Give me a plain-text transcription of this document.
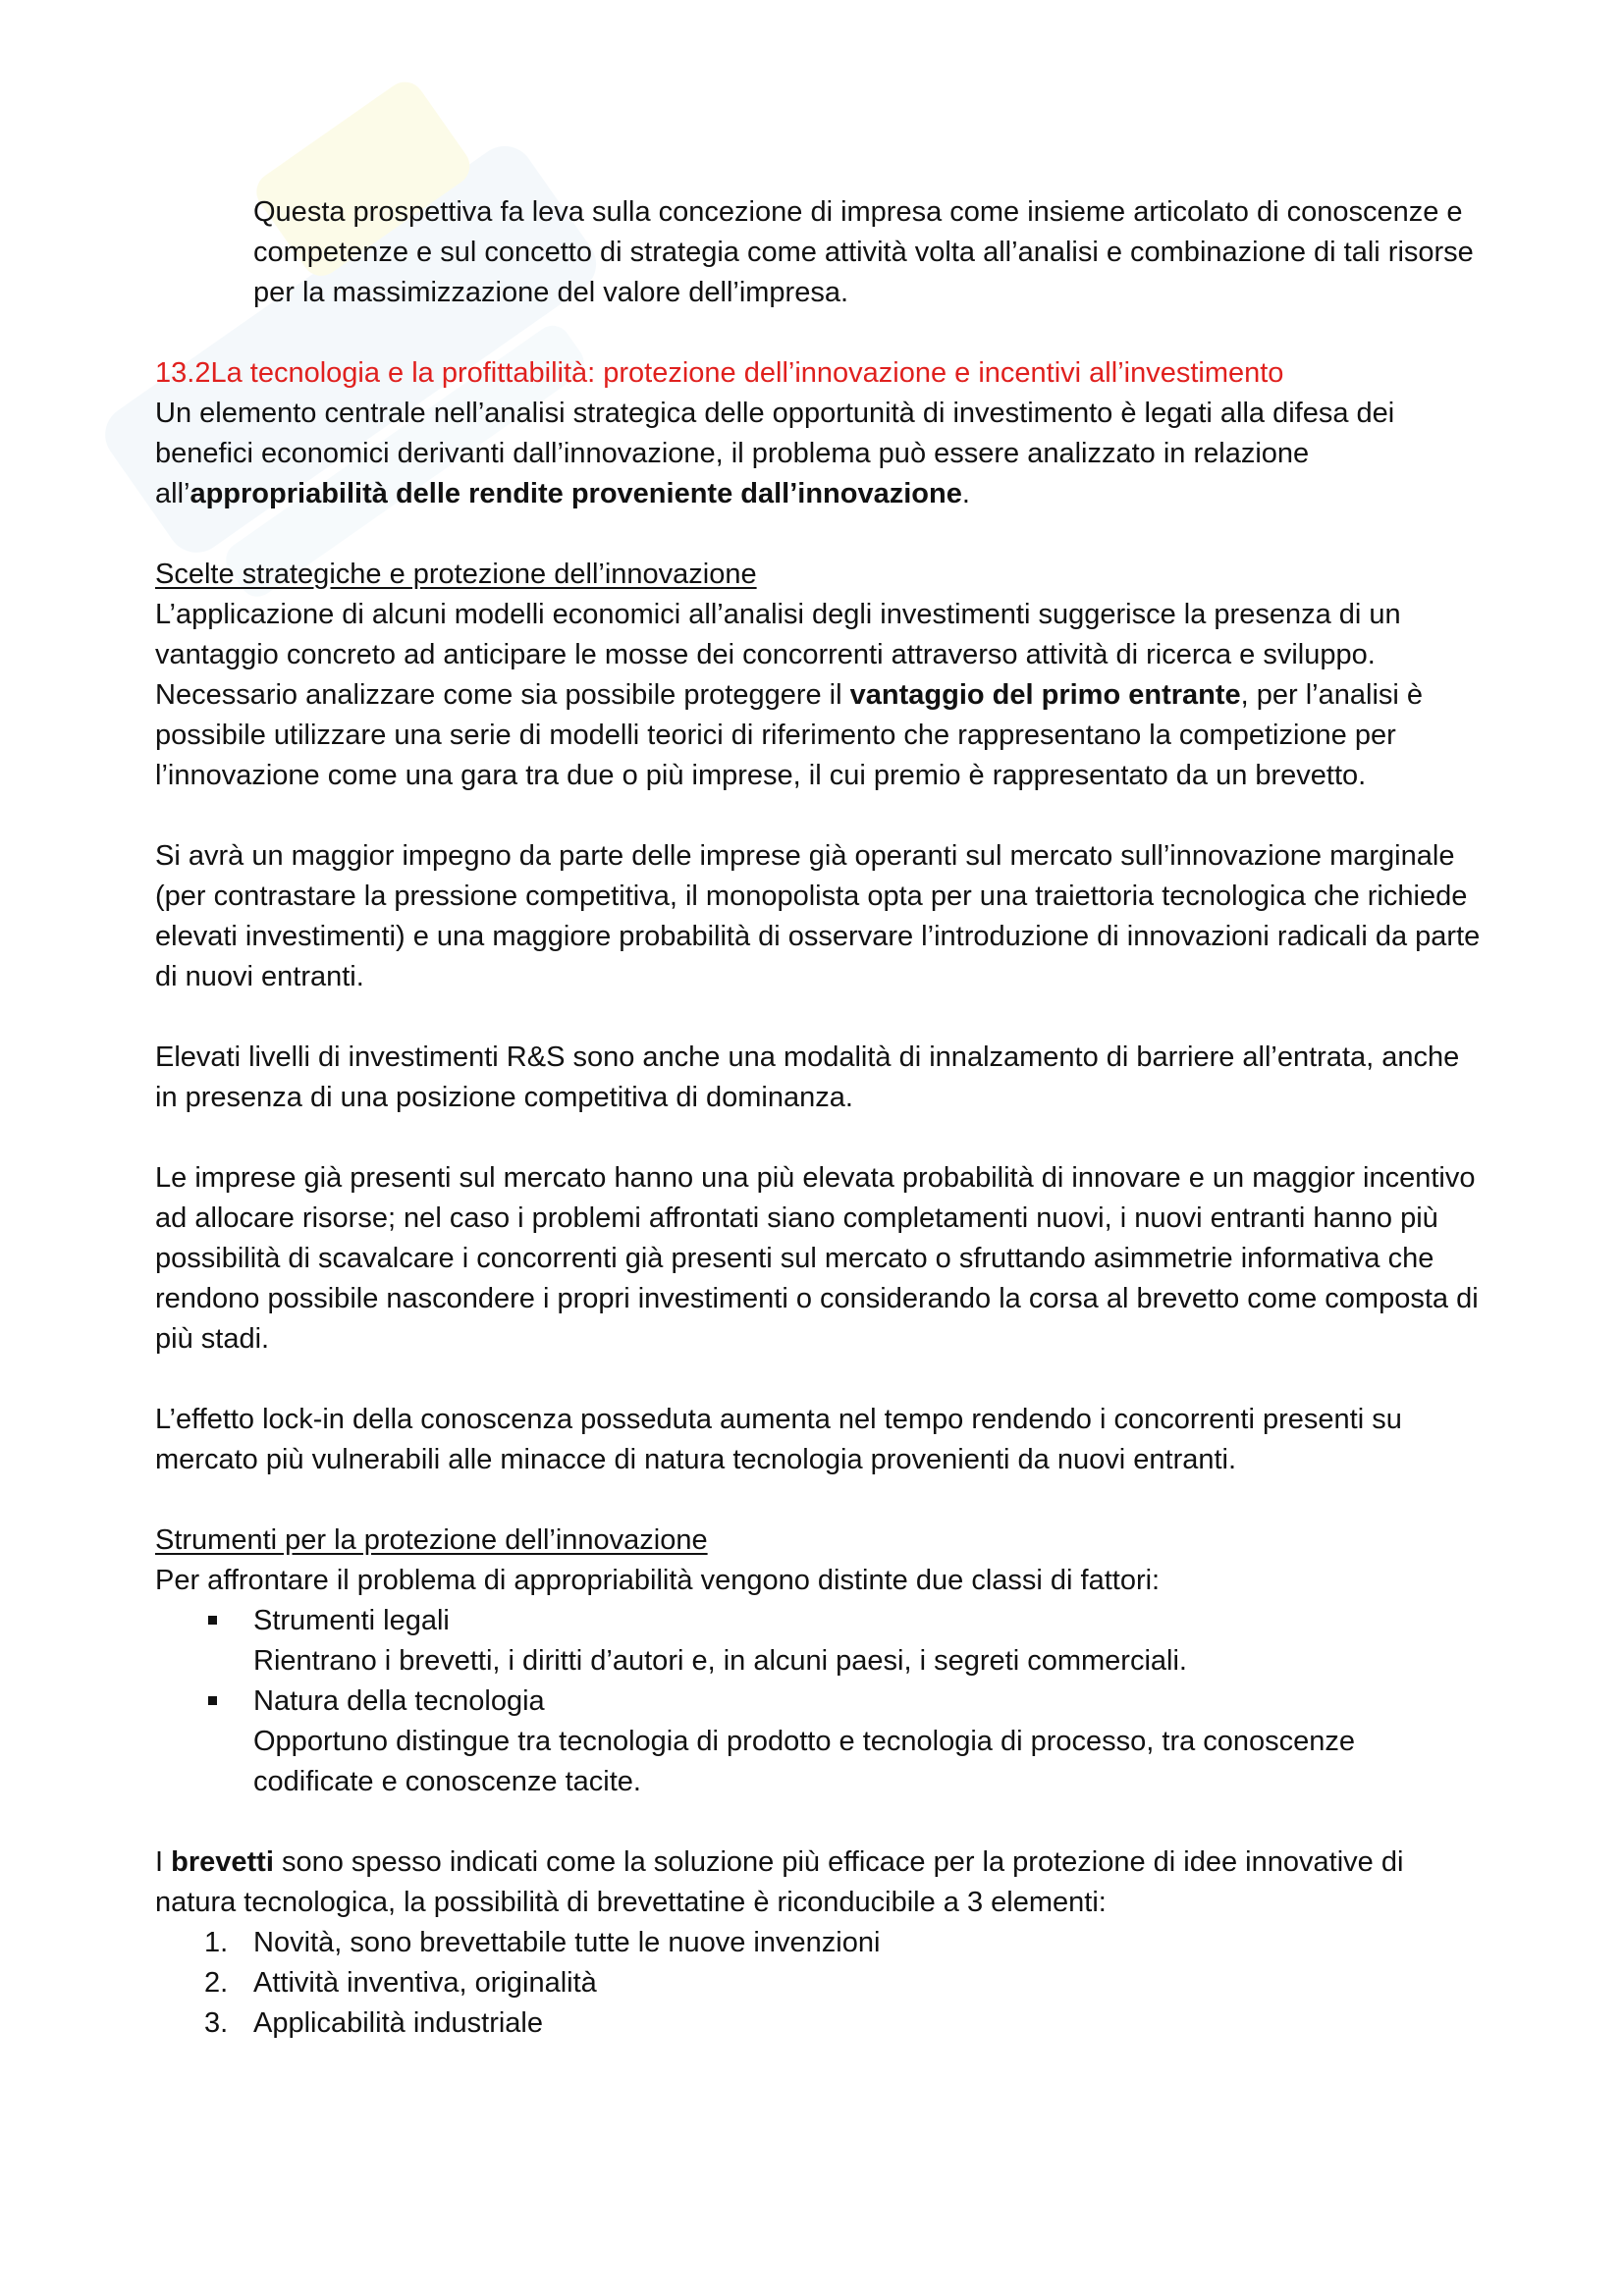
Questa prospettiva fa leva sulla concezione di impresa come insieme articolato di conoscenze e competenze e sul concetto di strategia come attività volta all’analisi e combinazione di tali risorse per la massimizzazione del valore dell’impresa.

13.2La tecnologia e la profittabilità: protezione dell’innovazione e incentivi all’investimento

Un elemento centrale nell’analisi strategica delle opportunità di investimento è legati alla difesa dei benefici economici derivanti dall’innovazione, il problema può essere analizzato in relazione all’appropriabilità delle rendite proveniente dall’innovazione.

Scelte strategiche e protezione dell’innovazione

L’applicazione di alcuni modelli economici all’analisi degli investimenti suggerisce la presenza di un vantaggio concreto ad anticipare le mosse dei concorrenti attraverso attività di ricerca e sviluppo. Necessario analizzare come sia possibile proteggere il vantaggio del primo entrante, per l’analisi è possibile utilizzare una serie di modelli teorici di riferimento che rappresentano la competizione per l’innovazione come una gara tra due o più imprese, il cui premio è rappresentato da un brevetto.

Si avrà un maggior impegno da parte delle imprese già operanti sul mercato sull’innovazione marginale (per contrastare la pressione competitiva, il monopolista opta per una traiettoria tecnologica che richiede elevati investimenti) e una maggiore probabilità di osservare l’introduzione di innovazioni radicali da parte di nuovi entranti.

Elevati livelli di investimenti R&S sono anche una modalità di innalzamento di barriere all’entrata, anche in presenza di una posizione competitiva di dominanza.

Le imprese già presenti sul mercato hanno una più elevata probabilità di innovare e un maggior incentivo ad allocare risorse; nel caso i problemi affrontati siano completamenti nuovi, i nuovi entranti hanno più possibilità di scavalcare i concorrenti già presenti sul mercato o sfruttando asimmetrie informativa che rendono possibile nascondere i propri investimenti o considerando la corsa al brevetto come composta di più stadi.

L’effetto lock-in della conoscenza posseduta aumenta nel tempo rendendo i concorrenti presenti su mercato più vulnerabili alle minacce di natura tecnologia provenienti da nuovi entranti.

Strumenti per la protezione dell’innovazione

Per affrontare il problema di appropriabilità vengono distinte due classi di fattori:

Strumenti legali
Rientrano i brevetti, i diritti d’autori e, in alcuni paesi, i segreti commerciali.
Natura della tecnologia
Opportuno distingue tra tecnologia di prodotto e tecnologia di processo, tra conoscenze codificate e conoscenze tacite.

I brevetti sono spesso indicati come la soluzione più efficace per la protezione di idee innovative di natura tecnologica, la possibilità di brevettatine è riconducibile a 3 elementi:

1. Novità, sono brevettabile tutte le nuove invenzioni
2. Attività inventiva, originalità
3. Applicabilità industriale
